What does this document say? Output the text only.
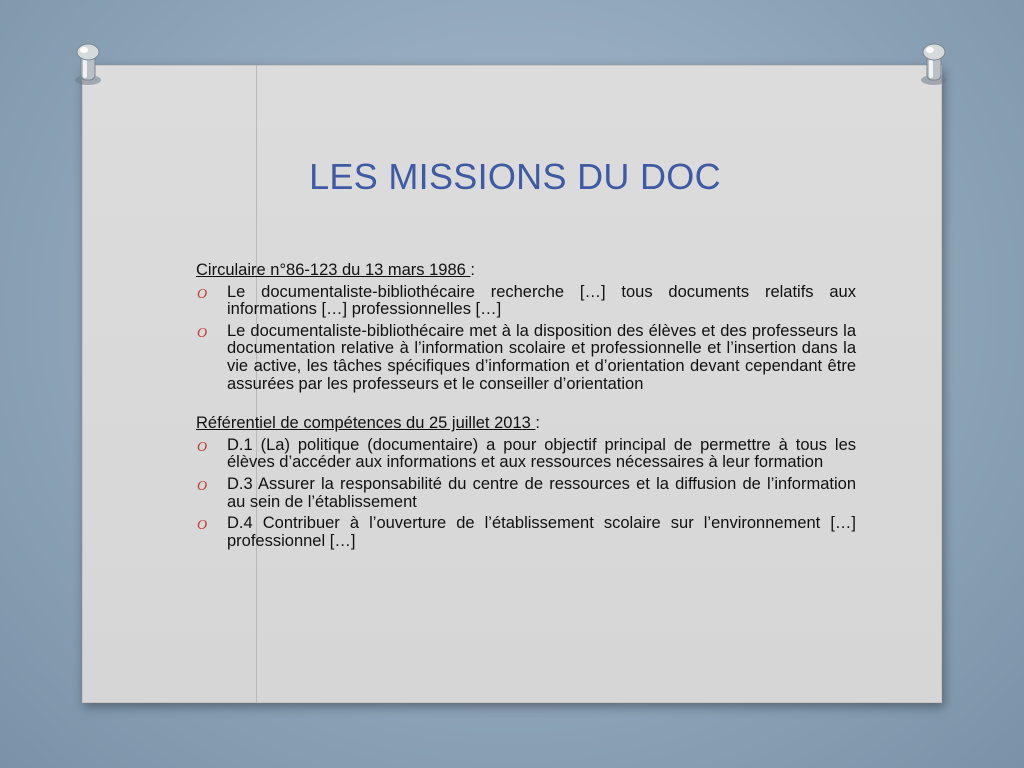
LES MISSIONS DU DOC
Circulaire n°86-123 du 13 mars 1986 :
O Le documentaliste-bibliothécaire recherche […] tous documents relatifs aux informations […] professionnelles […]
O Le documentaliste-bibliothécaire met à la disposition des élèves et des professeurs la documentation relative à l’information scolaire et professionnelle et l’insertion dans la vie active, les tâches spécifiques d’information et d’orientation devant cependant être assurées par les professeurs et le conseiller d’orientation
Référentiel de compétences du 25 juillet 2013 :
O D.1 (La) politique (documentaire) a pour objectif principal de permettre à tous les élèves d’accéder aux informations et aux ressources nécessaires à leur formation
O D.3 Assurer la responsabilité du centre de ressources et la diffusion de l’information au sein de l’établissement
O D.4 Contribuer à l’ouverture de l’établissement scolaire sur l’environnement […] professionnel […]
